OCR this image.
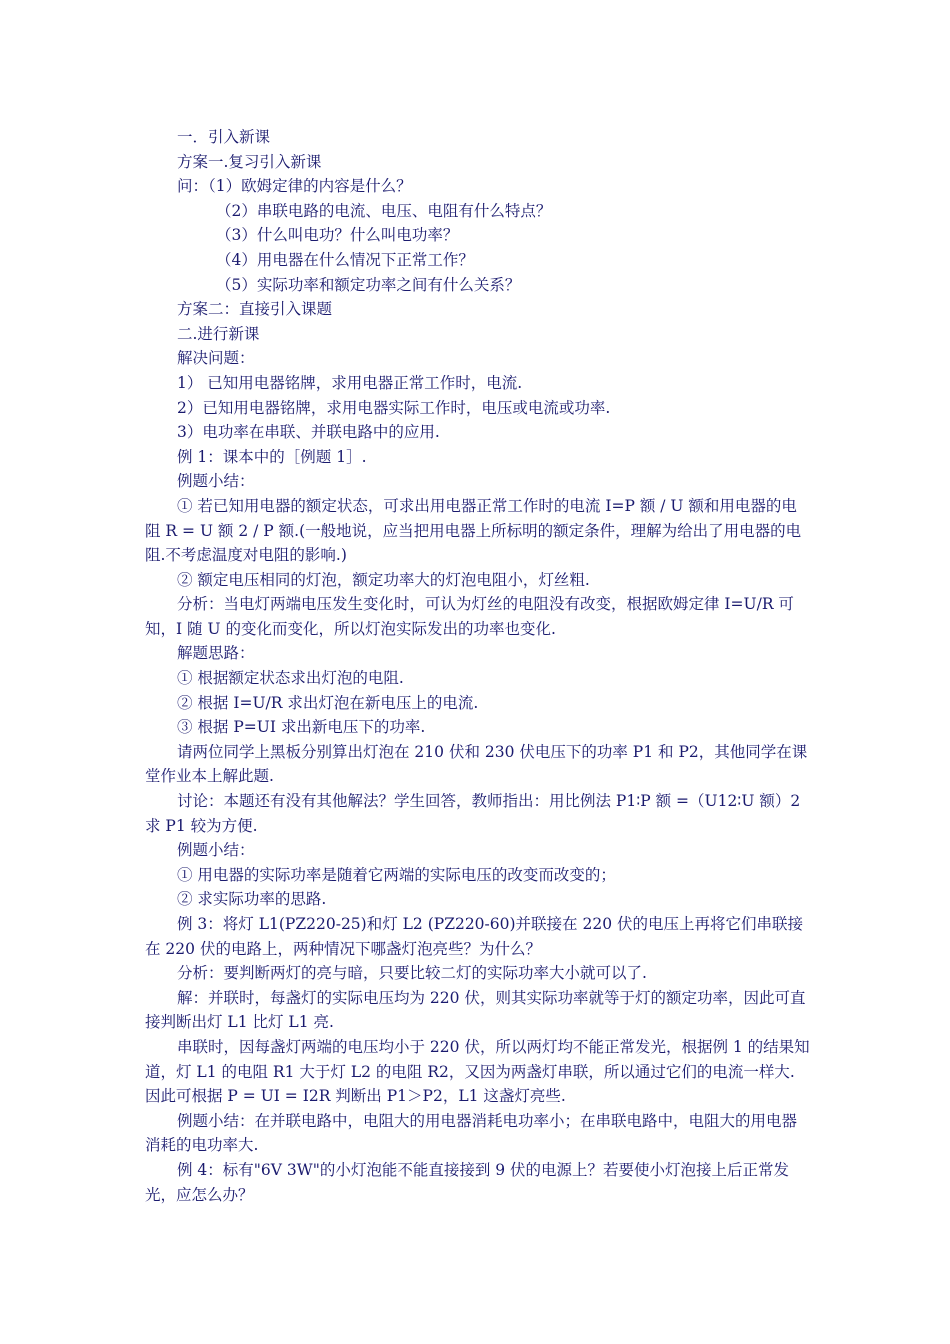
一．引入新课

方案一.复习引入新课

问：（1）欧姆定律的内容是什么？

（2）串联电路的电流、电压、电阻有什么特点？

（3）什么叫电功？什么叫电功率？

（4）用电器在什么情况下正常工作？

（5）实际功率和额定功率之间有什么关系？

方案二：直接引入课题

二.进行新课

解决问题：

1） 已知用电器铭牌，求用电器正常工作时，电流.

2）已知用电器铭牌，求用电器实际工作时，电压或电流或功率.

3）电功率在串联、并联电路中的应用.

例 1：课本中的［例题 1］.

例题小结：

① 若已知用电器的额定状态，可求出用电器正常工作时的电流 I=P 额 / U 额和用电器的电阻 R = U 额 2 / P 额.(一般地说，应当把用电器上所标明的额定条件，理解为给出了用电器的电阻.不考虑温度对电阻的影响.)

② 额定电压相同的灯泡，额定功率大的灯泡电阻小，灯丝粗.

分析：当电灯两端电压发生变化时，可认为灯丝的电阻没有改变，根据欧姆定律 I=U/R 可知，I 随 U 的变化而变化，所以灯泡实际发出的功率也变化.

解题思路：

① 根据额定状态求出灯泡的电阻.

② 根据 I=U/R 求出灯泡在新电压上的电流.

③ 根据 P=UI 求出新电压下的功率.

请两位同学上黑板分别算出灯泡在 210 伏和 230 伏电压下的功率 P1 和 P2，其他同学在课堂作业本上解此题.

讨论：本题还有没有其他解法？学生回答，教师指出：用比例法 P1∶P 额 =（U12∶U 额）2 求 P1 较为方便.

例题小结：

① 用电器的实际功率是随着它两端的实际电压的改变而改变的；

② 求实际功率的思路.

例 3：将灯 L1(PZ220-25)和灯 L2 (PZ220-60)并联接在 220 伏的电压上再将它们串联接在 220 伏的电路上，两种情况下哪盏灯泡亮些？为什么？

分析：要判断两灯的亮与暗，只要比较二灯的实际功率大小就可以了.

解：并联时，每盏灯的实际电压均为 220 伏，则其实际功率就等于灯的额定功率，因此可直接判断出灯 L1 比灯 L1 亮.

串联时，因每盏灯两端的电压均小于 220 伏，所以两灯均不能正常发光，根据例 1 的结果知道，灯 L1 的电阻 R1 大于灯 L2 的电阻 R2，又因为两盏灯串联，所以通过它们的电流一样大.因此可根据 P = UI = I2R 判断出 P1＞P2，L1 这盏灯亮些.

例题小结：在并联电路中，电阻大的用电器消耗电功率小；在串联电路中，电阻大的用电器消耗的电功率大.

例 4：标有"6V 3W"的小灯泡能不能直接接到 9 伏的电源上？若要使小灯泡接上后正常发光，应怎么办？
